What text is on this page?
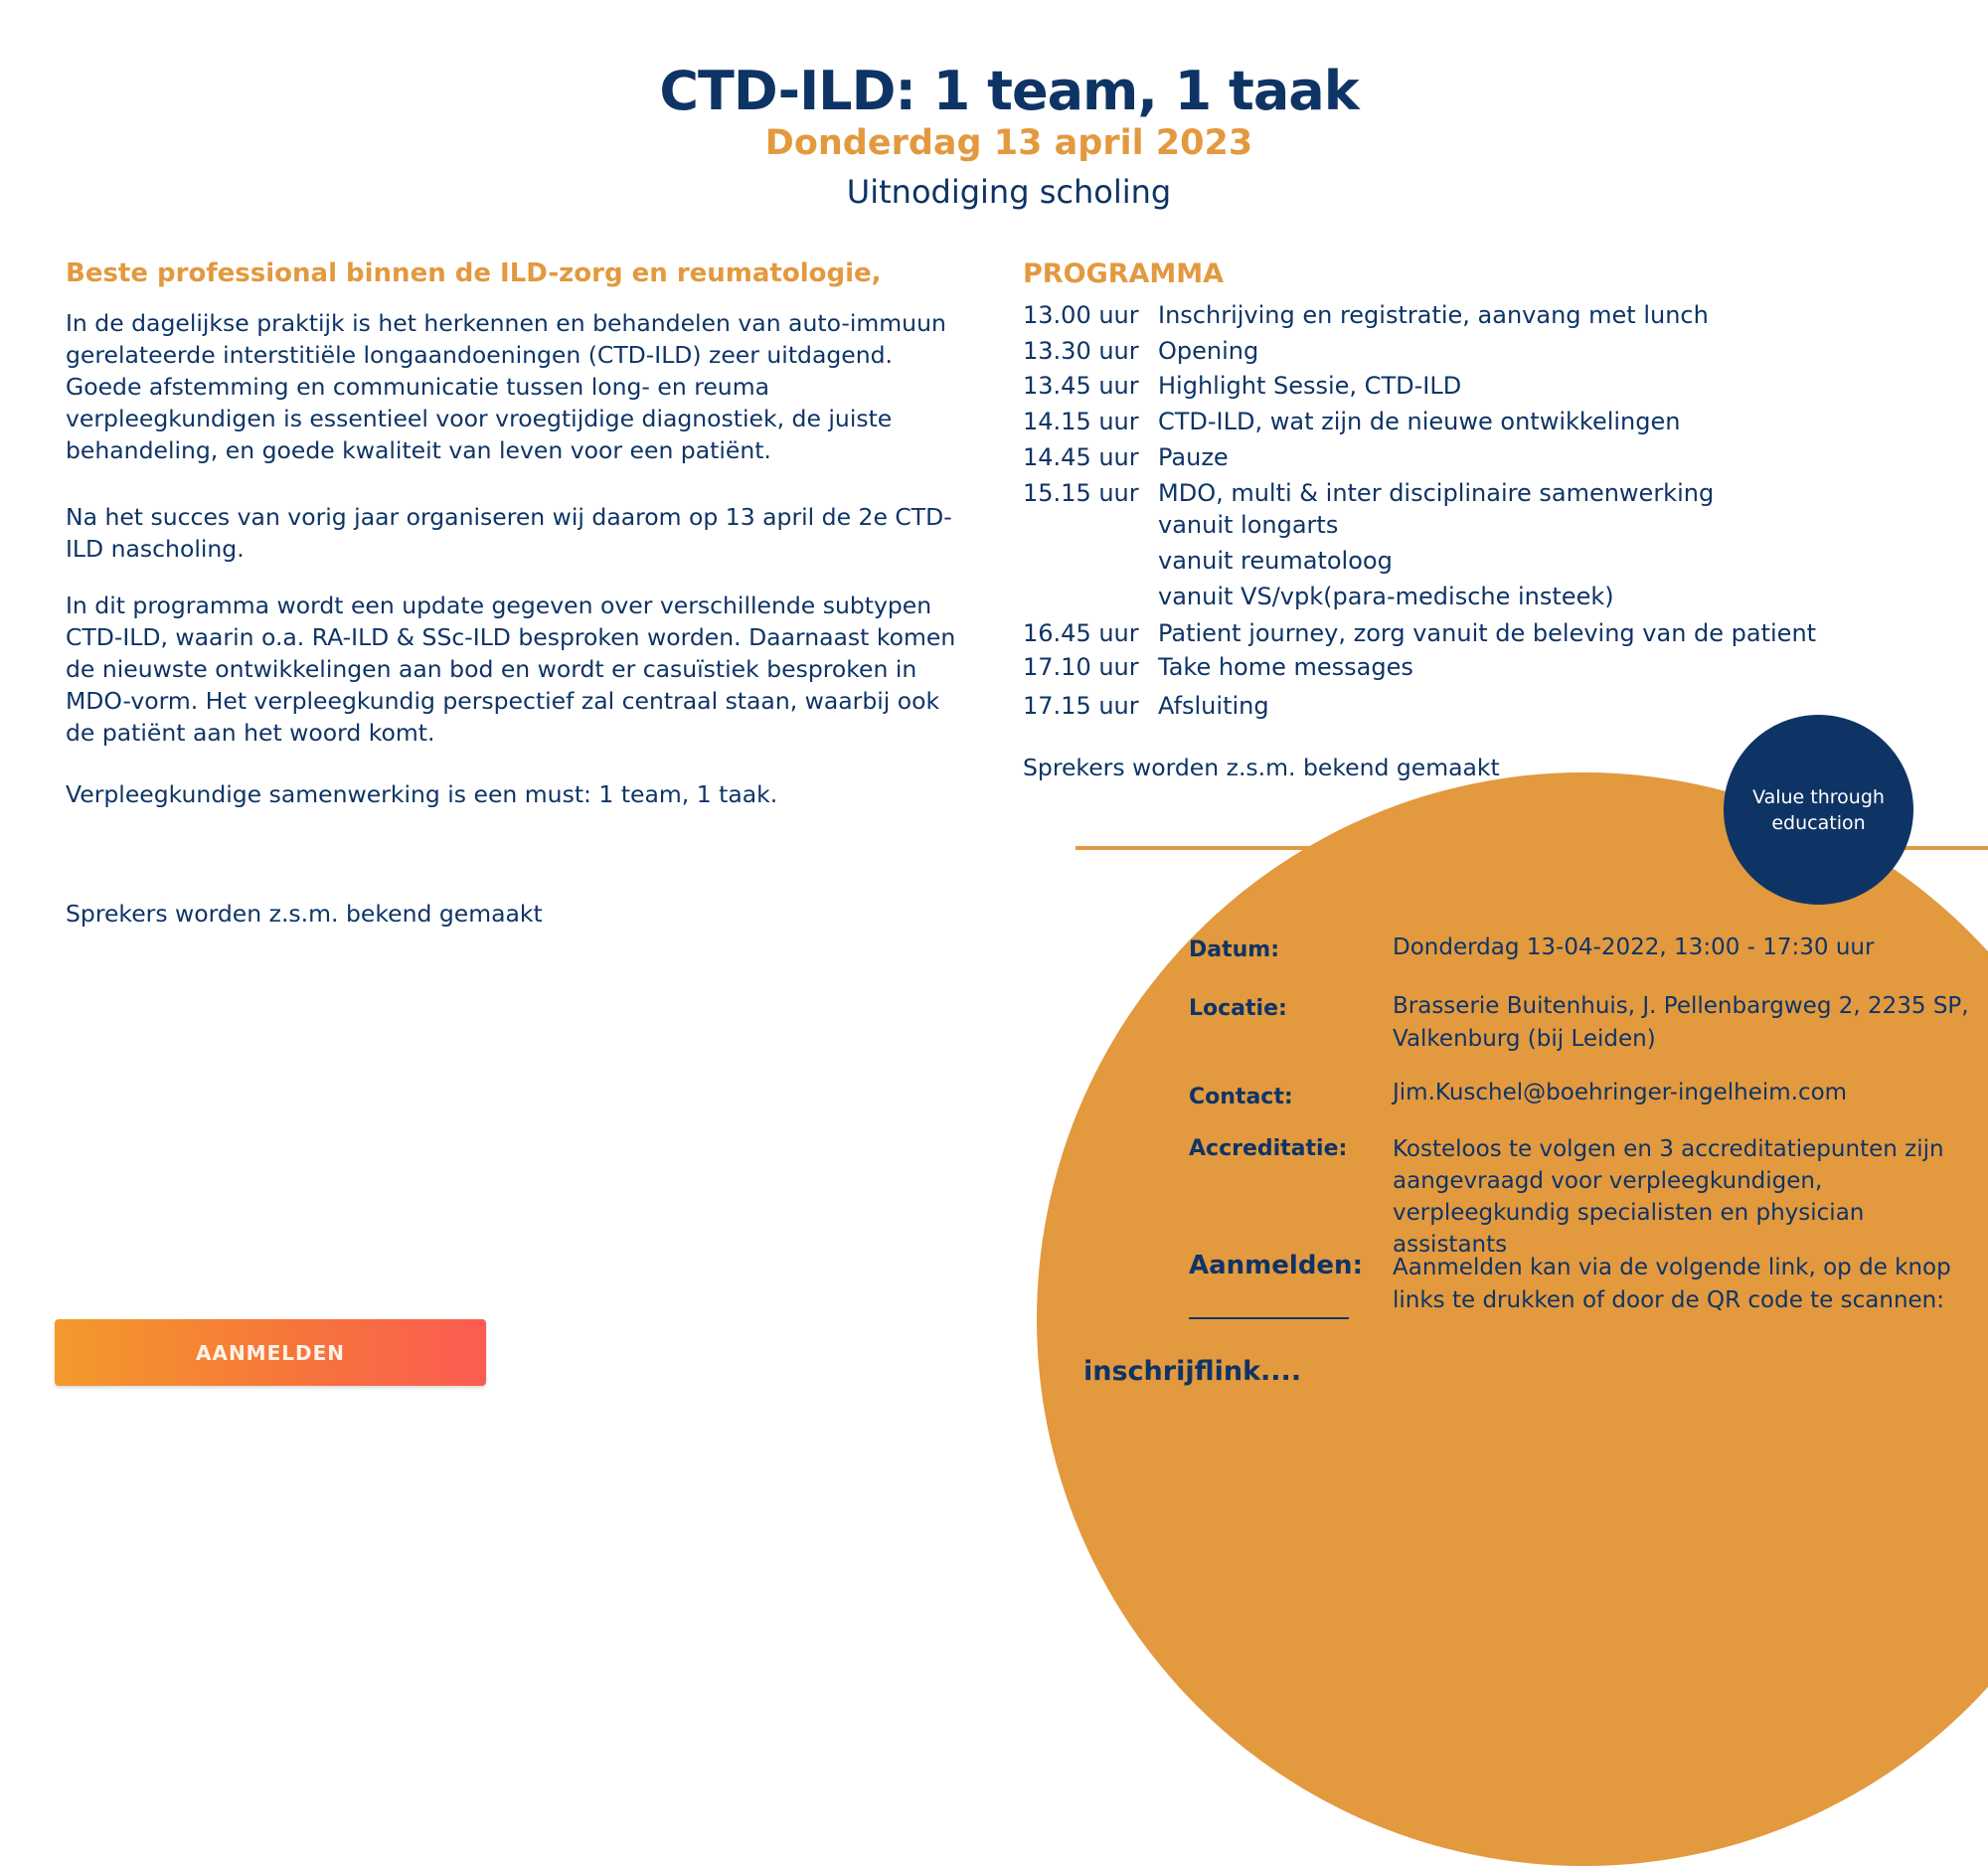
CTD-ILD: 1 team, 1 taak
Donderdag 13 april 2023
Uitnodiging scholing
Beste professional binnen de ILD-zorg en reumatologie,
In de dagelijkse praktijk is het herkennen en behandelen van auto-immuun gerelateerde interstitiële longaandoeningen (CTD-ILD) zeer uitdagend. Goede afstemming en communicatie tussen long- en reuma verpleegkundigen is essentieel voor vroegtijdige diagnostiek, de juiste behandeling, en goede kwaliteit van leven voor een patiënt.
Na het succes van vorig jaar organiseren wij daarom op 13 april de 2e CTD-ILD nascholing.
In dit programma wordt een update gegeven over verschillende subtypen CTD-ILD, waarin o.a. RA-ILD & SSc-ILD besproken worden. Daarnaast komen de nieuwste ontwikkelingen aan bod en wordt er casuïstiek besproken in MDO-vorm. Het verpleegkundig perspectief zal centraal staan, waarbij ook de patiënt aan het woord komt.
Verpleegkundige samenwerking is een must: 1 team, 1 taak.
Sprekers worden z.s.m. bekend gemaakt
PROGRAMMA
13.00 uur Inschrijving en registratie, aanvang met lunch
13.30 uur Opening
13.45 uur Highlight Sessie, CTD-ILD
14.15 uur CTD-ILD, wat zijn de nieuwe ontwikkelingen
14.45 uur Pauze
15.15 uur MDO, multi & inter disciplinaire samenwerking
vanuit longarts
vanuit reumatoloog
vanuit VS/vpk(para-medische insteek)
16.45 uur Patient journey, zorg vanuit de beleving van de patient
17.10 uur Take home messages
17.15 uur Afsluiting
Sprekers worden z.s.m. bekend gemaakt
Value through education
Datum:	Donderdag 13-04-2022, 13:00 - 17:30 uur
Locatie:	Brasserie Buitenhuis, J. Pellenbargweg 2, 2235 SP, Valkenburg (bij Leiden)
Contact:	Jim.Kuschel@boehringer-ingelheim.com
Accreditatie: Kosteloos te volgen en 3 accreditatiepunten zijn aangevraagd voor verpleegkundigen, verpleegkundig specialisten en physician assistants
Aanmelden: Aanmelden kan via de volgende link, op de knop links te drukken of door de QR code te scannen:
inschrijflink....
AANMELDEN
